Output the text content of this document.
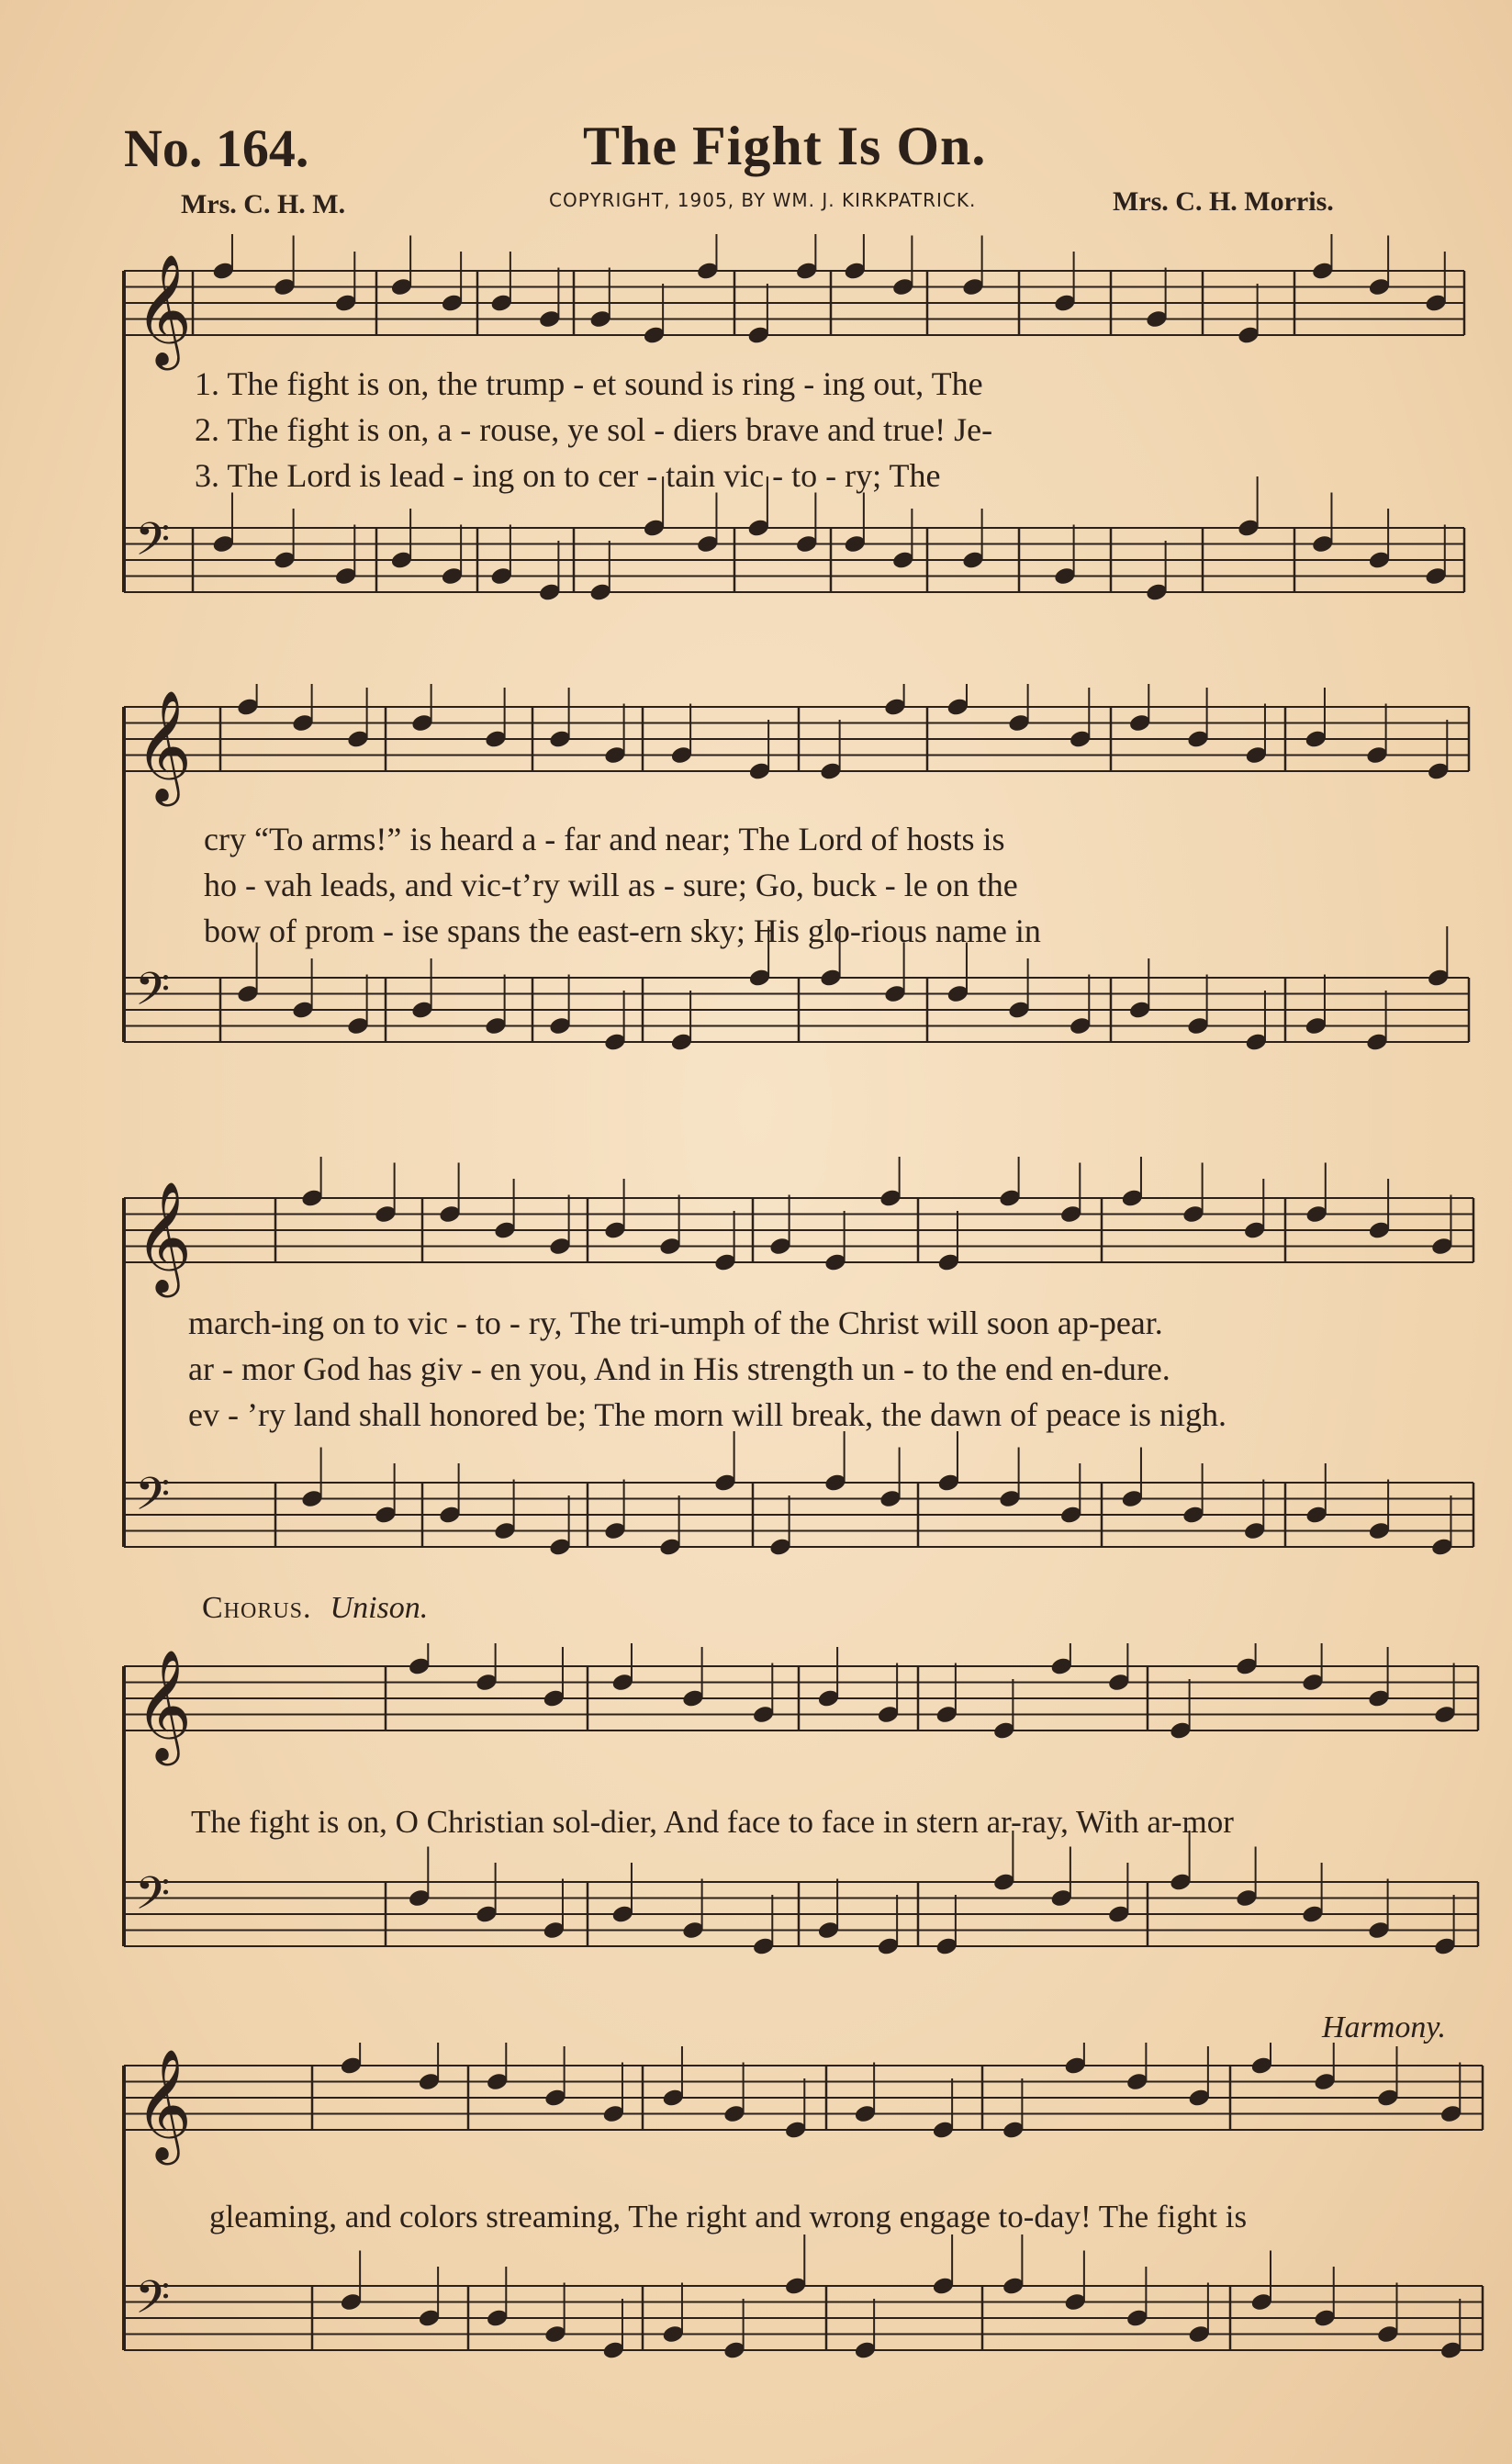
No. 164.	The Fight Is On.
Mrs. C. H. M.	COPYRIGHT, 1905, BY WM. J. KIRKPATRICK.	Mrs. C. H. Morris.
𝄞
𝄢
1. The fight is on, the trump - et sound is ring - ing out, The
2. The fight is on, a - rouse, ye sol - diers brave and true! Je-
3. The Lord is lead - ing on to cer - tain vic - to - ry; The
𝄞
𝄢
cry “To arms!” is heard a - far and near; The Lord of hosts is
ho - vah leads, and vic-t’ry will as - sure; Go, buck - le on the
bow of prom - ise spans the east-ern sky; His glo-rious name in
𝄞
𝄢
march-ing on to vic - to - ry, The tri-umph of the Christ will soon ap-pear.
ar - mor God has giv - en you, And in His strength un - to the end en-dure.
ev - ’ry land shall honored be; The morn will break, the dawn of peace is nigh.
Chorus. Unison.
𝄞
𝄢
The fight is on, O Christian sol-dier, And face to face in stern ar-ray, With ar-mor
Harmony.
𝄞
𝄢
gleaming, and colors streaming, The right and wrong engage to-day! The fight is
